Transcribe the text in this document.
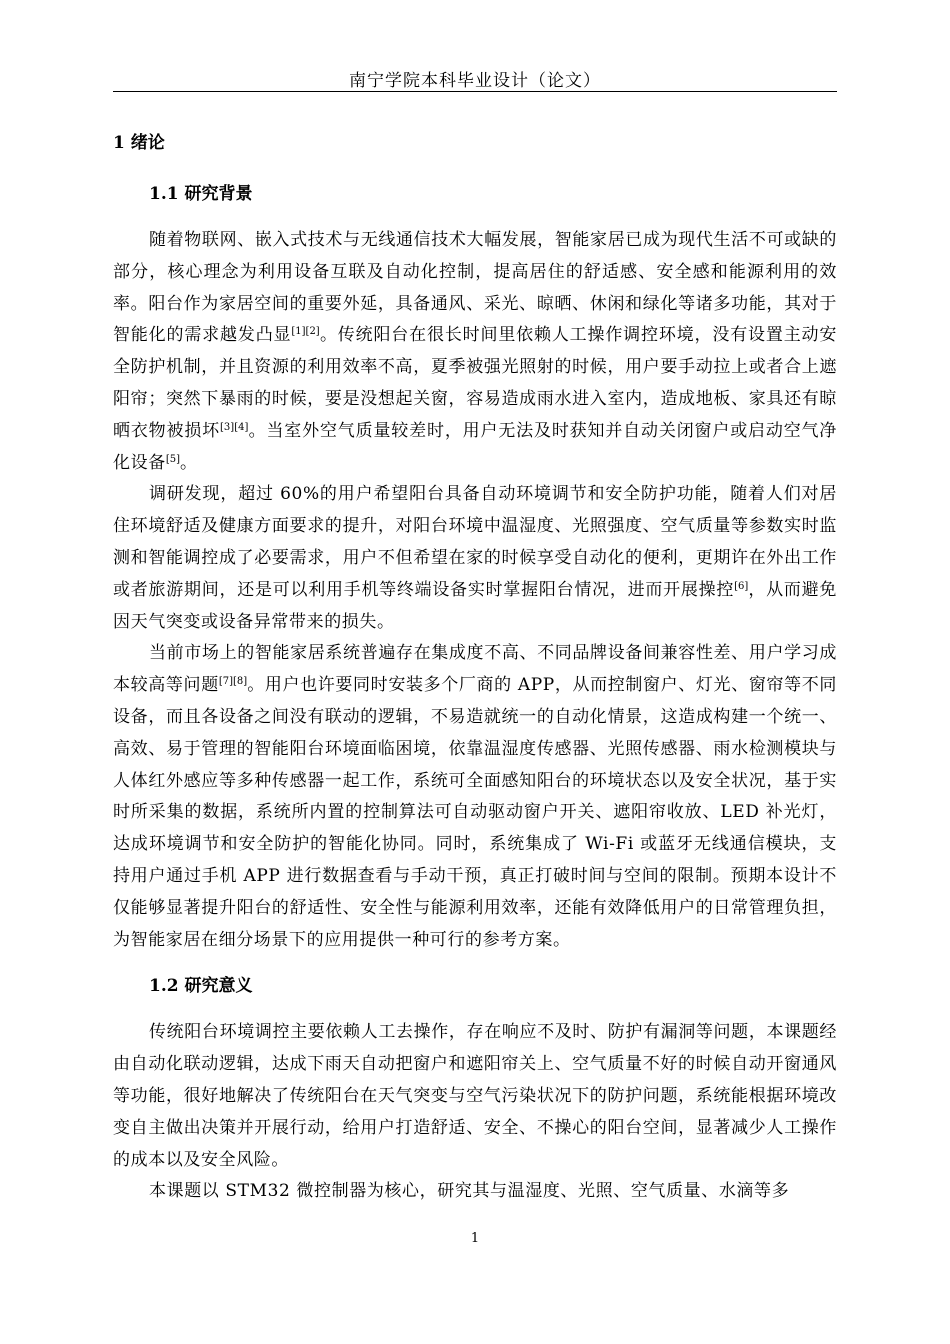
南宁学院本科毕业设计（论文）
1 绪论
1.1 研究背景

随着物联网、嵌入式技术与无线通信技术大幅发展，智能家居已成为现代生活不可或缺的部分，核心理念为利用设备互联及自动化控制，提高居住的舒适感、安全感和能源利用的效率。阳台作为家居空间的重要外延，具备通风、采光、晾晒、休闲和绿化等诸多功能，其对于智能化的需求越发凸显[1][2]。传统阳台在很长时间里依赖人工操作调控环境，没有设置主动安全防护机制，并且资源的利用效率不高，夏季被强光照射的时候，用户要手动拉上或者合上遮阳帘；突然下暴雨的时候，要是没想起关窗，容易造成雨水进入室内，造成地板、家具还有晾晒衣物被损坏[3][4]。当室外空气质量较差时，用户无法及时获知并自动关闭窗户或启动空气净化设备[5]。

调研发现，超过 60%的用户希望阳台具备自动环境调节和安全防护功能，随着人们对居住环境舒适及健康方面要求的提升，对阳台环境中温湿度、光照强度、空气质量等参数实时监测和智能调控成了必要需求，用户不但希望在家的时候享受自动化的便利，更期许在外出工作或者旅游期间，还是可以利用手机等终端设备实时掌握阳台情况，进而开展操控[6]，从而避免因天气突变或设备异常带来的损失。

当前市场上的智能家居系统普遍存在集成度不高、不同品牌设备间兼容性差、用户学习成本较高等问题[7][8]。用户也许要同时安装多个厂商的 APP，从而控制窗户、灯光、窗帘等不同设备，而且各设备之间没有联动的逻辑，不易造就统一的自动化情景，这造成构建一个统一、高效、易于管理的智能阳台环境面临困境，依靠温湿度传感器、光照传感器、雨水检测模块与人体红外感应等多种传感器一起工作，系统可全面感知阳台的环境状态以及安全状况，基于实时所采集的数据，系统所内置的控制算法可自动驱动窗户开关、遮阳帘收放、LED 补光灯，达成环境调节和安全防护的智能化协同。同时，系统集成了 Wi-Fi 或蓝牙无线通信模块，支持用户通过手机 APP 进行数据查看与手动干预，真正打破时间与空间的限制。预期本设计不仅能够显著提升阳台的舒适性、安全性与能源利用效率，还能有效降低用户的日常管理负担，为智能家居在细分场景下的应用提供一种可行的参考方案。

1.2 研究意义

传统阳台环境调控主要依赖人工去操作，存在响应不及时、防护有漏洞等问题，本课题经由自动化联动逻辑，达成下雨天自动把窗户和遮阳帘关上、空气质量不好的时候自动开窗通风等功能，很好地解决了传统阳台在天气突变与空气污染状况下的防护问题，系统能根据环境改变自主做出决策并开展行动，给用户打造舒适、安全、不操心的阳台空间，显著减少人工操作的成本以及安全风险。

本课题以 STM32 微控制器为核心，研究其与温湿度、光照、空气质量、水滴等多

1
